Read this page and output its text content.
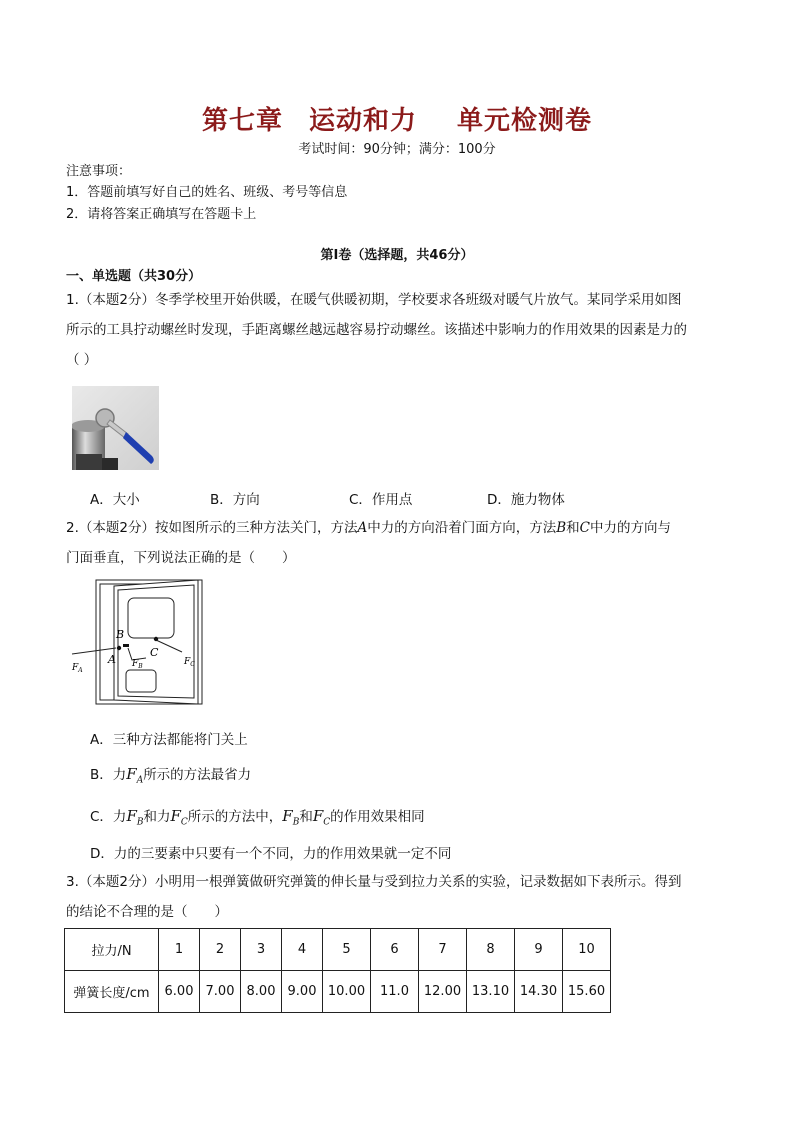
第七章 运动和力 单元检测卷
考试时间：90分钟；满分：100分
注意事项：
1．答题前填写好自己的姓名、班级、考号等信息
2．请将答案正确填写在答题卡上
第I卷（选择题，共46分）
一、单选题（共30分）
1.（本题2分）冬季学校里开始供暖，在暖气供暖初期，学校要求各班级对暖气片放气。某同学采用如图
所示的工具拧动螺丝时发现，手距离螺丝越远越容易拧动螺丝。该描述中影响力的作用效果的因素是力的
（ ）
A．大小	B．方向	C．作用点	D．施力物体
2.（本题2分）按如图所示的三种方法关门，方法A中力的方向沿着门面方向，方法B和C中力的方向与
门面垂直，下列说法正确的是（　　）
B
A
C
$F_A$
$F_B$	$F_C$
A．三种方法都能将门关上
B．力$F_A$所示的方法最省力
C．力$F_B$和力$F_C$所示的方法中，$F_B$和$F_C$的作用效果相同
D．力的三要素中只要有一个不同，力的作用效果就一定不同
3.（本题2分）小明用一根弹簧做研究弹簧的伸长量与受到拉力关系的实验，记录数据如下表所示。得到
的结论不合理的是（　　）
拉力/N	1	2	3	4	5	6	7	8	9	10
弹簧长度/cm	6.00	7.00	8.00	9.00	10.00	11.0	12.00	13.10	14.30	15.60
